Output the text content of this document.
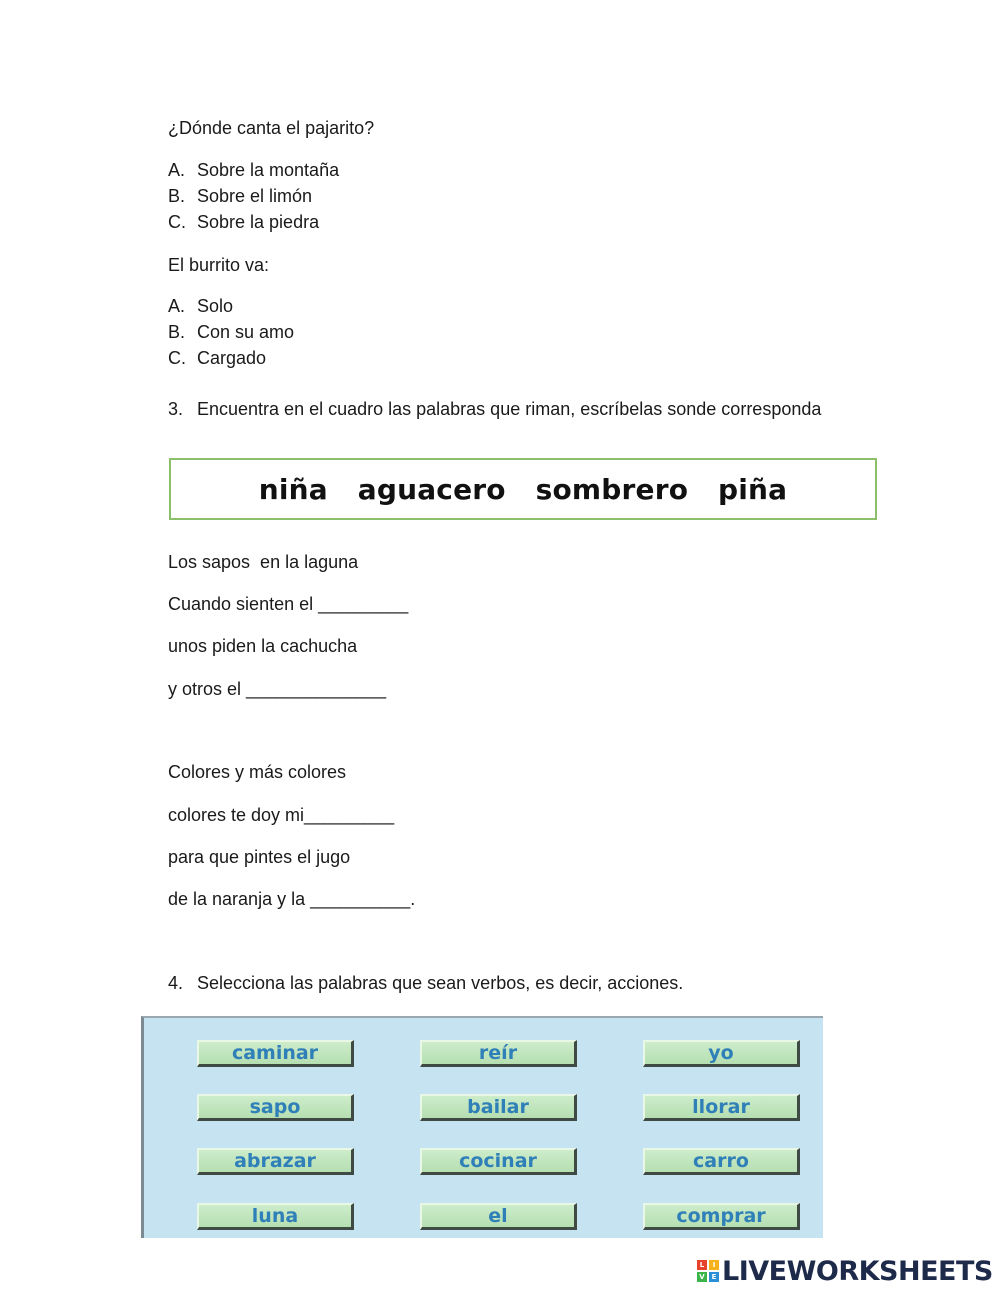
¿Dónde canta el pajarito?
A. Sobre la montaña
B. Sobre el limón
C. Sobre la piedra
El burrito va:
A. Solo
B. Con su amo
C. Cargado
3. Encuentra en el cuadro las palabras que riman, escríbelas sonde corresponda
niña   aguacero   sombrero   piña
Los sapos  en la laguna
Cuando sienten el _________
unos piden la cachucha
y otros el ______________
Colores y más colores
colores te doy mi_________
para que pintes el jugo
de la naranja y la __________.
4. Selecciona las palabras que sean verbos, es decir, acciones.
caminar	reír	yo
sapo	bailar	llorar
abrazar	cocinar	carro
luna	el	comprar
L	I
V E LIVEWORKSHEETS
